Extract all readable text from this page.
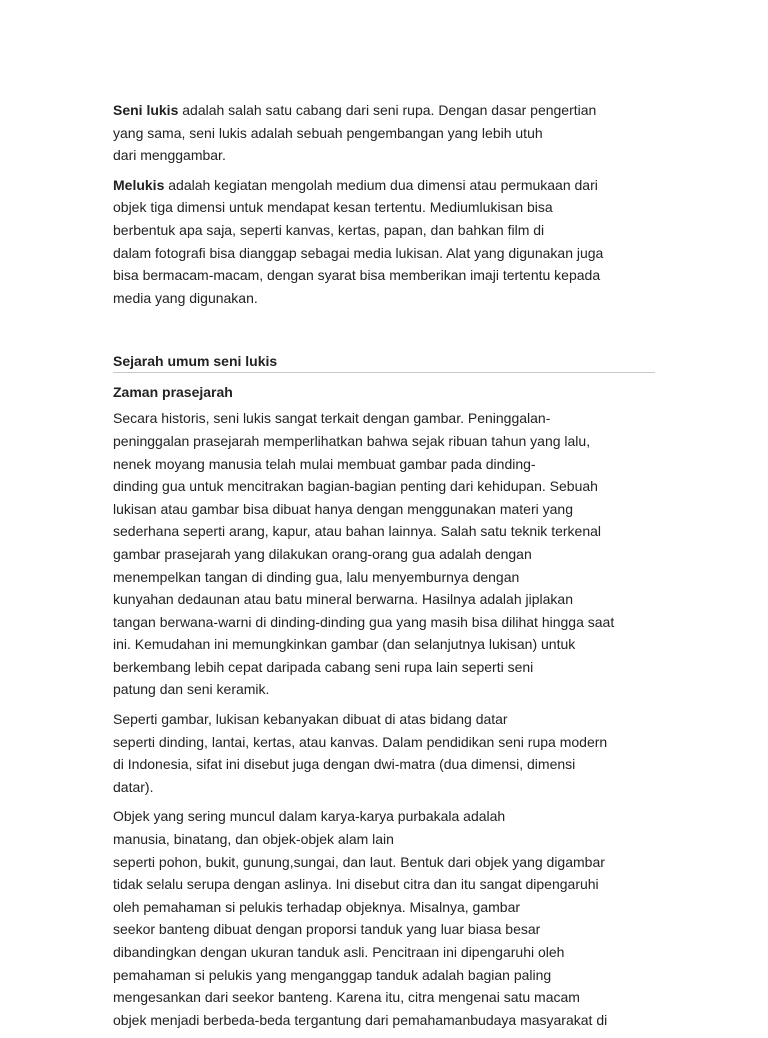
Seni lukis adalah salah satu cabang dari seni rupa. Dengan dasar pengertian
yang sama, seni lukis adalah sebuah pengembangan yang lebih utuh
dari menggambar.

Melukis adalah kegiatan mengolah medium dua dimensi atau permukaan dari
objek tiga dimensi untuk mendapat kesan tertentu. Mediumlukisan bisa
berbentuk apa saja, seperti kanvas, kertas, papan, dan bahkan film di
dalam fotografi bisa dianggap sebagai media lukisan. Alat yang digunakan juga
bisa bermacam-macam, dengan syarat bisa memberikan imaji tertentu kepada
media yang digunakan.

Sejarah umum seni lukis
Zaman prasejarah

Secara historis, seni lukis sangat terkait dengan gambar. Peninggalan-
peninggalan prasejarah memperlihatkan bahwa sejak ribuan tahun yang lalu,
nenek moyang manusia telah mulai membuat gambar pada dinding-
dinding gua untuk mencitrakan bagian-bagian penting dari kehidupan. Sebuah
lukisan atau gambar bisa dibuat hanya dengan menggunakan materi yang
sederhana seperti arang, kapur, atau bahan lainnya. Salah satu teknik terkenal
gambar prasejarah yang dilakukan orang-orang gua adalah dengan
menempelkan tangan di dinding gua, lalu menyemburnya dengan
kunyahan dedaunan atau batu mineral berwarna. Hasilnya adalah jiplakan
tangan berwana-warni di dinding-dinding gua yang masih bisa dilihat hingga saat
ini. Kemudahan ini memungkinkan gambar (dan selanjutnya lukisan) untuk
berkembang lebih cepat daripada cabang seni rupa lain seperti seni
patung dan seni keramik.

Seperti gambar, lukisan kebanyakan dibuat di atas bidang datar
seperti dinding, lantai, kertas, atau kanvas. Dalam pendidikan seni rupa modern
di Indonesia, sifat ini disebut juga dengan dwi-matra (dua dimensi, dimensi
datar).

Objek yang sering muncul dalam karya-karya purbakala adalah
manusia, binatang, dan objek-objek alam lain
seperti pohon, bukit, gunung,sungai, dan laut. Bentuk dari objek yang digambar
tidak selalu serupa dengan aslinya. Ini disebut citra dan itu sangat dipengaruhi
oleh pemahaman si pelukis terhadap objeknya. Misalnya, gambar
seekor banteng dibuat dengan proporsi tanduk yang luar biasa besar
dibandingkan dengan ukuran tanduk asli. Pencitraan ini dipengaruhi oleh
pemahaman si pelukis yang menganggap tanduk adalah bagian paling
mengesankan dari seekor banteng. Karena itu, citra mengenai satu macam
objek menjadi berbeda-beda tergantung dari pemahamanbudaya masyarakat di
